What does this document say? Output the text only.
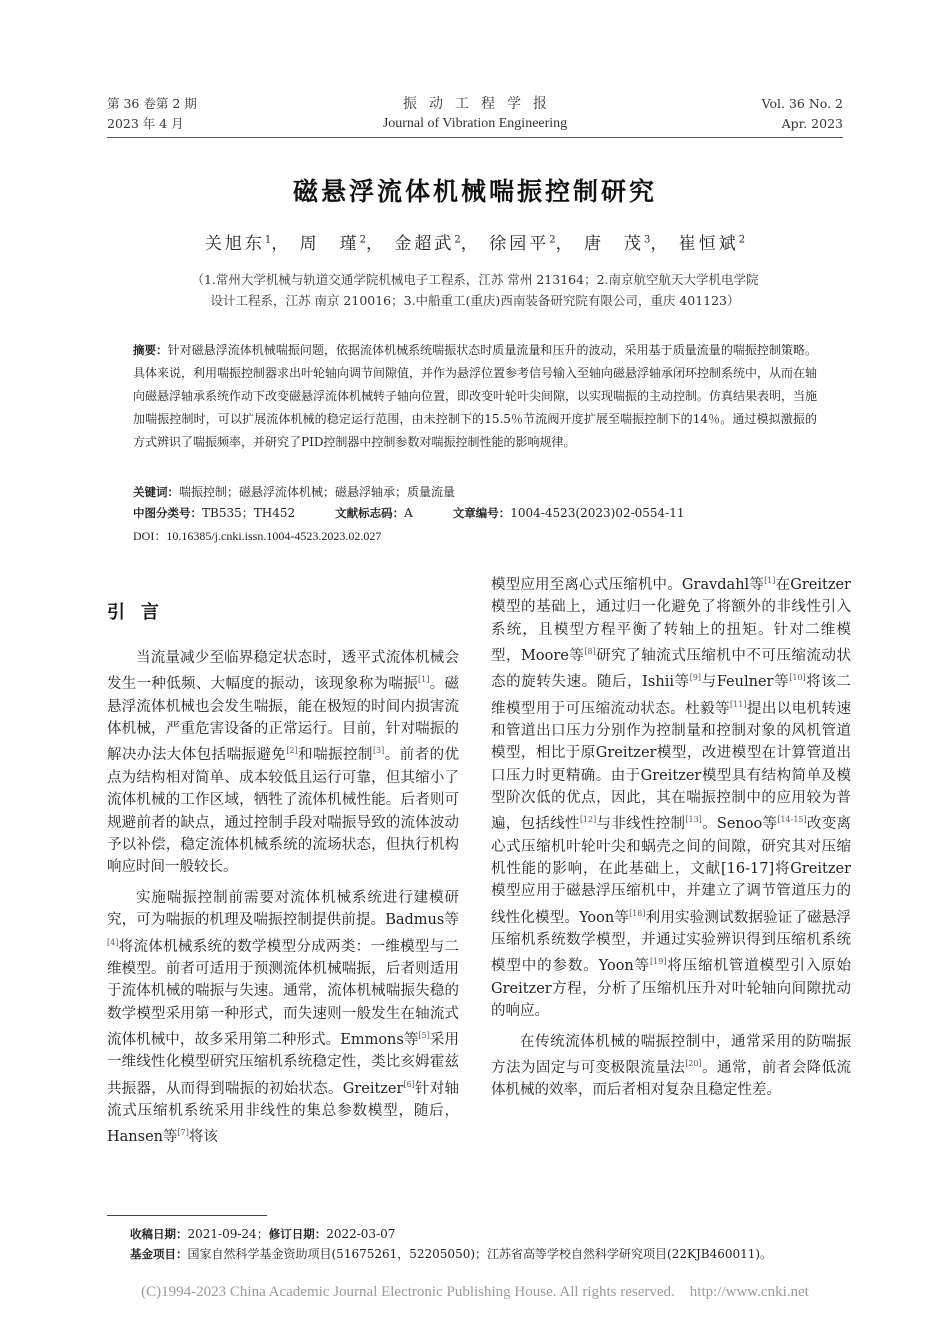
第 36 卷第 2 期
2023 年 4 月
振动工程学报
Journal of Vibration Engineering
Vol. 36 No. 2
Apr. 2023
磁悬浮流体机械喘振控制研究
关旭东$^1$， 周　瑾$^2$， 金超武$^2$， 徐园平$^2$， 唐　茂$^3$， 崔恒斌$^2$
（1.常州大学机械与轨道交通学院机械电子工程系，江苏 常州 213164；2.南京航空航天大学机电学院
设计工程系，江苏 南京 210016；3.中船重工(重庆)西南装备研究院有限公司，重庆 401123）
摘要：针对磁悬浮流体机械喘振问题，依据流体机械系统喘振状态时质量流量和压升的波动，采用基于质量流量的喘振控制策略。具体来说，利用喘振控制器求出叶轮轴向调节间隙值，并作为悬浮位置参考信号输入至轴向磁悬浮轴承闭环控制系统中，从而在轴向磁悬浮轴承系统作动下改变磁悬浮流体机械转子轴向位置，即改变叶轮叶尖间隙，以实现喘振的主动控制。仿真结果表明，当施加喘振控制时，可以扩展流体机械的稳定运行范围，由未控制下的15.5％节流阀开度扩展至喘振控制下的14％。通过模拟激振的方式辨识了喘振频率，并研究了PID控制器中控制参数对喘振控制性能的影响规律。
关键词：喘振控制；磁悬浮流体机械；磁悬浮轴承；质量流量
中图分类号：TB535；TH452	文献标志码：A	文章编号：1004-4523(2023)02-0554-11
DOI：10.16385/j.cnki.issn.1004-4523.2023.02.027
引言

当流量减少至临界稳定状态时，透平式流体机械会发生一种低频、大幅度的振动，该现象称为喘振[1]。磁悬浮流体机械也会发生喘振，能在极短的时间内损害流体机械，严重危害设备的正常运行。目前，针对喘振的解决办法大体包括喘振避免[2]和喘振控制[3]。前者的优点为结构相对简单、成本较低且运行可靠，但其缩小了流体机械的工作区域，牺牲了流体机械性能。后者则可规避前者的缺点，通过控制手段对喘振导致的流体波动予以补偿，稳定流体机械系统的流场状态，但执行机构响应时间一般较长。

实施喘振控制前需要对流体机械系统进行建模研究，可为喘振的机理及喘振控制提供前提。Badmus等[4]将流体机械系统的数学模型分成两类：一维模型与二维模型。前者可适用于预测流体机械喘振，后者则适用于流体机械的喘振与失速。通常，流体机械喘振失稳的数学模型采用第一种形式，而失速则一般发生在轴流式流体机械中，故多采用第二种形式。Emmons等[5]采用一维线性化模型研究压缩机系统稳定性，类比亥姆霍兹共振器，从而得到喘振的初始状态。Greitzer[6]针对轴流式压缩机系统采用非线性的集总参数模型，随后，Hansen等[7]将该

模型应用至离心式压缩机中。Gravdahl等[1]在Greitzer模型的基础上，通过归一化避免了将额外的非线性引入系统，且模型方程平衡了转轴上的扭矩。针对二维模型，Moore等[8]研究了轴流式压缩机中不可压缩流动状态的旋转失速。随后，Ishii等[9]与Feulner等[10]将该二维模型用于可压缩流动状态。杜毅等[11]提出以电机转速和管道出口压力分别作为控制量和控制对象的风机管道模型，相比于原Greitzer模型，改进模型在计算管道出口压力时更精确。由于Greitzer模型具有结构简单及模型阶次低的优点，因此，其在喘振控制中的应用较为普遍，包括线性[12]与非线性控制[13]。Senoo等[14-15]改变离心式压缩机叶轮叶尖和蜗壳之间的间隙，研究其对压缩机性能的影响，在此基础上，文献[16-17]将Greitzer模型应用于磁悬浮压缩机中，并建立了调节管道压力的线性化模型。Yoon等[18]利用实验测试数据验证了磁悬浮压缩机系统数学模型，并通过实验辨识得到压缩机系统模型中的参数。Yoon等[19]将压缩机管道模型引入原始Greitzer方程，分析了压缩机压升对叶轮轴向间隙扰动的响应。

在传统流体机械的喘振控制中，通常采用的防喘振方法为固定与可变极限流量法[20]。通常，前者会降低流体机械的效率，而后者相对复杂且稳定性差。

收稿日期：2021-09-24；修订日期：2022-03-07
基金项目：国家自然科学基金资助项目(51675261，52205050)；江苏省高等学校自然科学研究项目(22KJB460011)。
(C)1994-2023 China Academic Journal Electronic Publishing House. All rights reserved.    http://www.cnki.net
